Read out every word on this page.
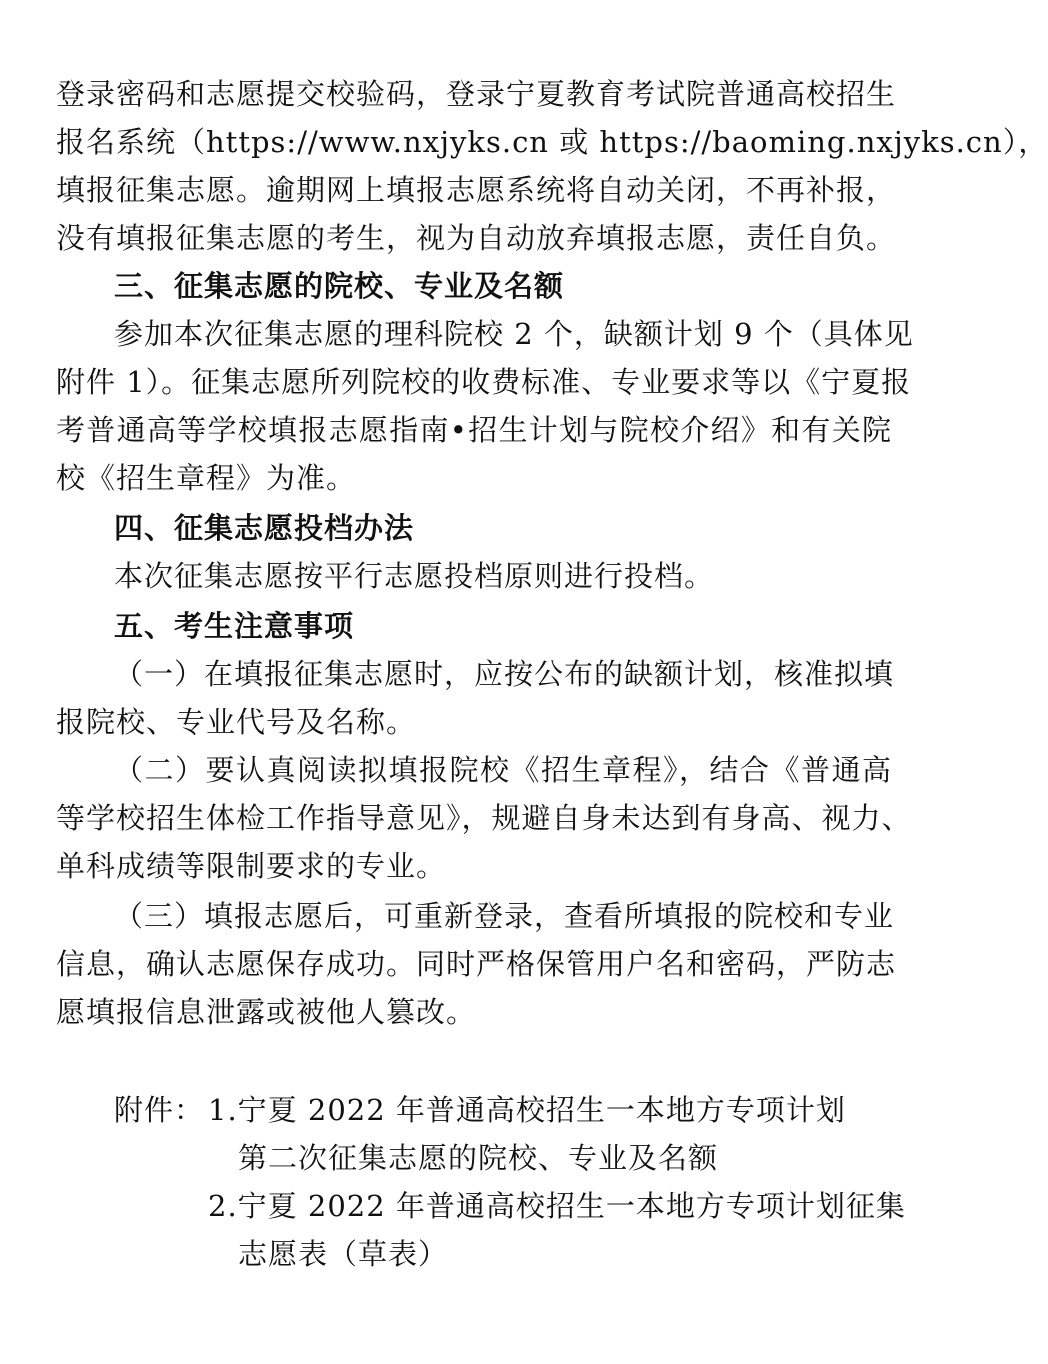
登录密码和志愿提交校验码，登录宁夏教育考试院普通高校招生
报名系统（https://www.nxjyks.cn 或 https://baoming.nxjyks.cn），
填报征集志愿。逾期网上填报志愿系统将自动关闭，不再补报，
没有填报征集志愿的考生，视为自动放弃填报志愿，责任自负。
三、征集志愿的院校、专业及名额
参加本次征集志愿的理科院校 2 个，缺额计划 9 个（具体见
附件 1）。征集志愿所列院校的收费标准、专业要求等以《宁夏报
考普通高等学校填报志愿指南•招生计划与院校介绍》和有关院
校《招生章程》为准。
四、征集志愿投档办法
本次征集志愿按平行志愿投档原则进行投档。
五、考生注意事项
（一）在填报征集志愿时，应按公布的缺额计划，核准拟填
报院校、专业代号及名称。
（二）要认真阅读拟填报院校《招生章程》，结合《普通高
等学校招生体检工作指导意见》，规避自身未达到有身高、视力、
单科成绩等限制要求的专业。
（三）填报志愿后，可重新登录，查看所填报的院校和专业
信息，确认志愿保存成功。同时严格保管用户名和密码，严防志
愿填报信息泄露或被他人篡改。
附件： 1.宁夏 2022 年普通高校招生一本地方专项计划
第二次征集志愿的院校、专业及名额
2.宁夏 2022 年普通高校招生一本地方专项计划征集
志愿表（草表）
